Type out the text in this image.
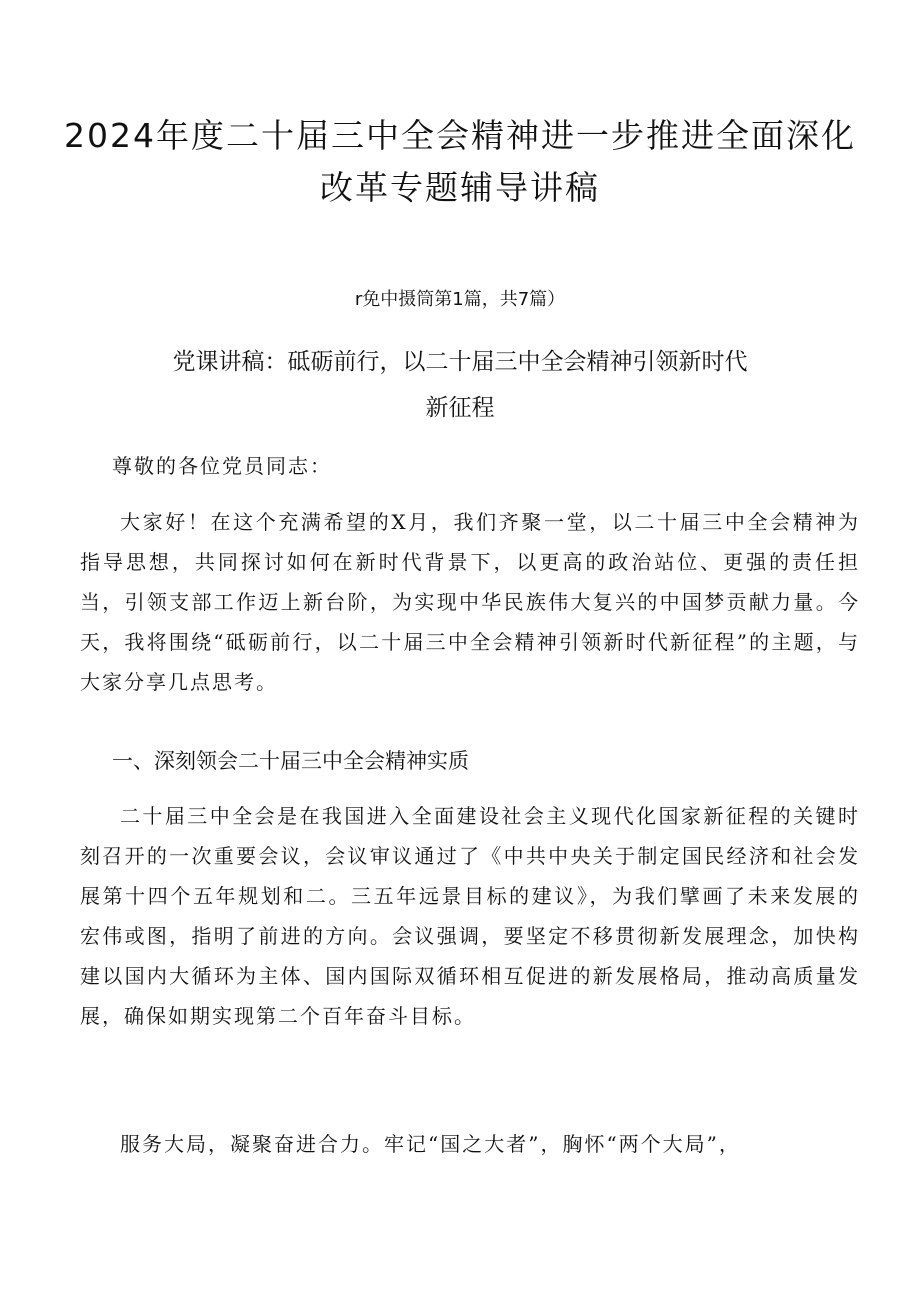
2024年度二十届三中全会精神进一步推进全面深化
改革专题辅导讲稿
r免中摄筒第1篇，共7篇）
党课讲稿：砥砺前行，以二十届三中全会精神引领新时代
新征程

尊敬的各位党员同志：

大家好！在这个充满希望的X月，我们齐聚一堂，以二十届三中全会精神为指导思想，共同探讨如何在新时代背景下，以更高的政治站位、更强的责任担当，引领支部工作迈上新台阶，为实现中华民族伟大复兴的中国梦贡献力量。今天，我将围绕“砥砺前行，以二十届三中全会精神引领新时代新征程”的主题，与大家分享几点思考。

一、深刻领会二十届三中全会精神实质

二十届三中全会是在我国进入全面建设社会主义现代化国家新征程的关键时刻召开的一次重要会议，会议审议通过了《中共中央关于制定国民经济和社会发展第十四个五年规划和二。三五年远景目标的建议》，为我们擘画了未来发展的宏伟或图，指明了前进的方向。会议强调，要坚定不移贯彻新发展理念，加快构建以国内大循环为主体、国内国际双循环相互促进的新发展格局，推动高质量发展，确保如期实现第二个百年奋斗目标。

服务大局，凝聚奋进合力。牢记“国之大者”，胸怀“两个大局”，
